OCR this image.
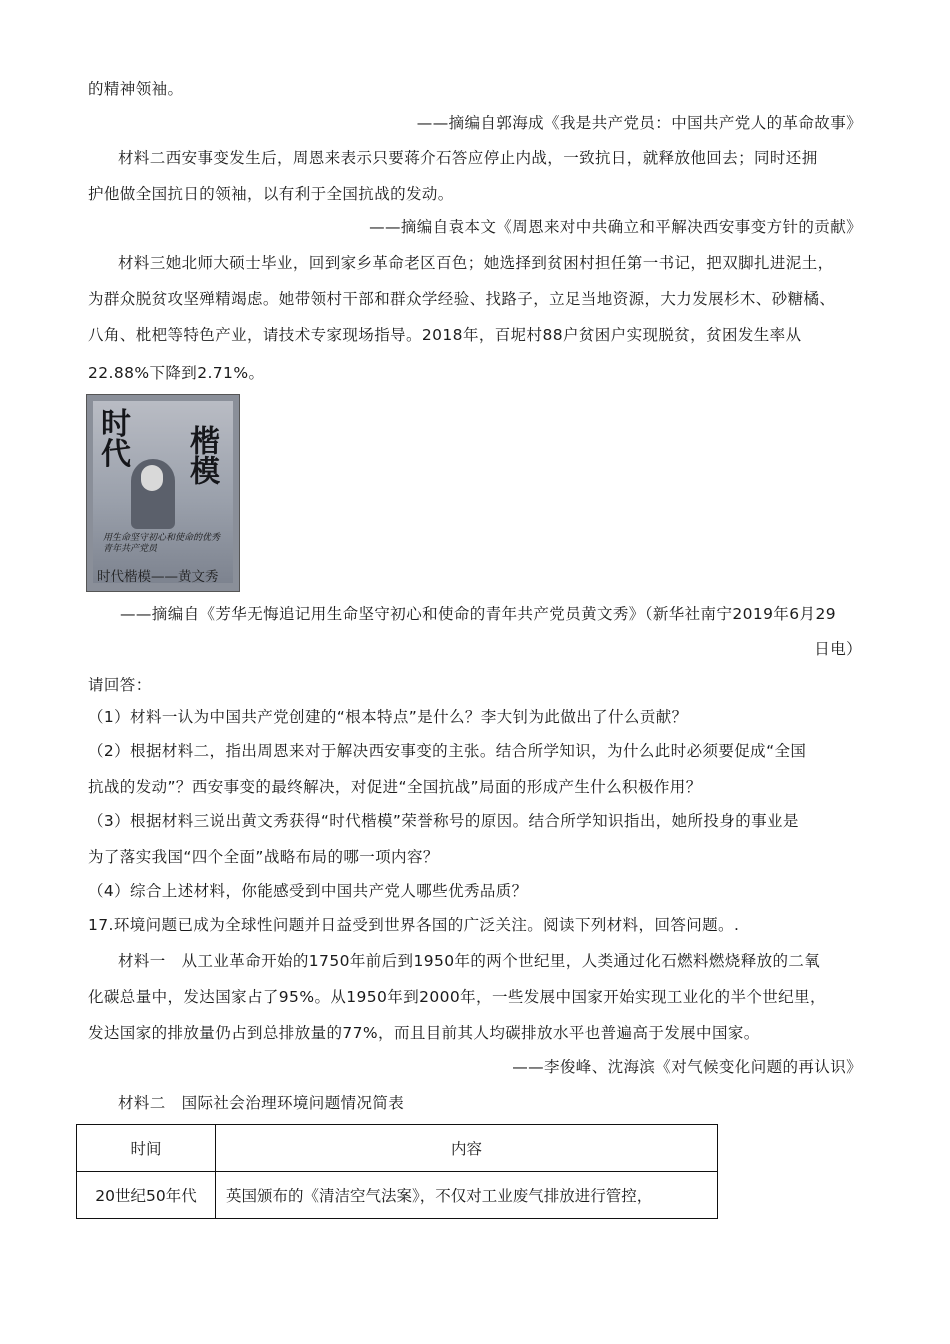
的精神领袖。
——摘编自郭海成《我是共产党员：中国共产党人的革命故事》
材料二西安事变发生后，周恩来表示只要蒋介石答应停止内战，一致抗日，就释放他回去；同时还拥
护他做全国抗日的领袖，以有利于全国抗战的发动。
——摘编自袁本文《周恩来对中共确立和平解决西安事变方针的贡献》
材料三她北师大硕士毕业，回到家乡革命老区百色；她选择到贫困村担任第一书记，把双脚扎进泥土，
为群众脱贫攻坚殚精竭虑。她带领村干部和群众学经验、找路子，立足当地资源，大力发展杉木、砂糖橘、
八角、枇杷等特色产业，请技术专家现场指导。2018年，百坭村88户贫困户实现脱贫，贫困发生率从
22.88%下降到2.71%。
时
代 楷模
用生命坚守初心和使命的优秀青年共产党员
时代楷模——黄文秀
——摘编自《芳华无悔追记用生命坚守初心和使命的青年共产党员黄文秀》（新华社南宁2019年6月29
日电）
请回答：
（1）材料一认为中国共产党创建的“根本特点”是什么？李大钊为此做出了什么贡献？
（2）根据材料二，指出周恩来对于解决西安事变的主张。结合所学知识，为什么此时必须要促成“全国
抗战的发动”？西安事变的最终解决，对促进“全国抗战”局面的形成产生什么积极作用？
（3）根据材料三说出黄文秀获得“时代楷模”荣誉称号的原因。结合所学知识指出，她所投身的事业是
为了落实我国“四个全面”战略布局的哪一项内容？
（4）综合上述材料，你能感受到中国共产党人哪些优秀品质？
17.环境问题已成为全球性问题并日益受到世界各国的广泛关注。阅读下列材料，回答问题。.
材料一　从工业革命开始的1750年前后到1950年的两个世纪里，人类通过化石燃料燃烧释放的二氧
化碳总量中，发达国家占了95%。从1950年到2000年，一些发展中国家开始实现工业化的半个世纪里，
发达国家的排放量仍占到总排放量的77%，而且目前其人均碳排放水平也普遍高于发展中国家。
——李俊峰、沈海滨《对气候变化问题的再认识》
材料二　国际社会治理环境问题情况简表
时间	内容
20世纪50年代	英国颁布的《清洁空气法案》，不仅对工业废气排放进行管控，
